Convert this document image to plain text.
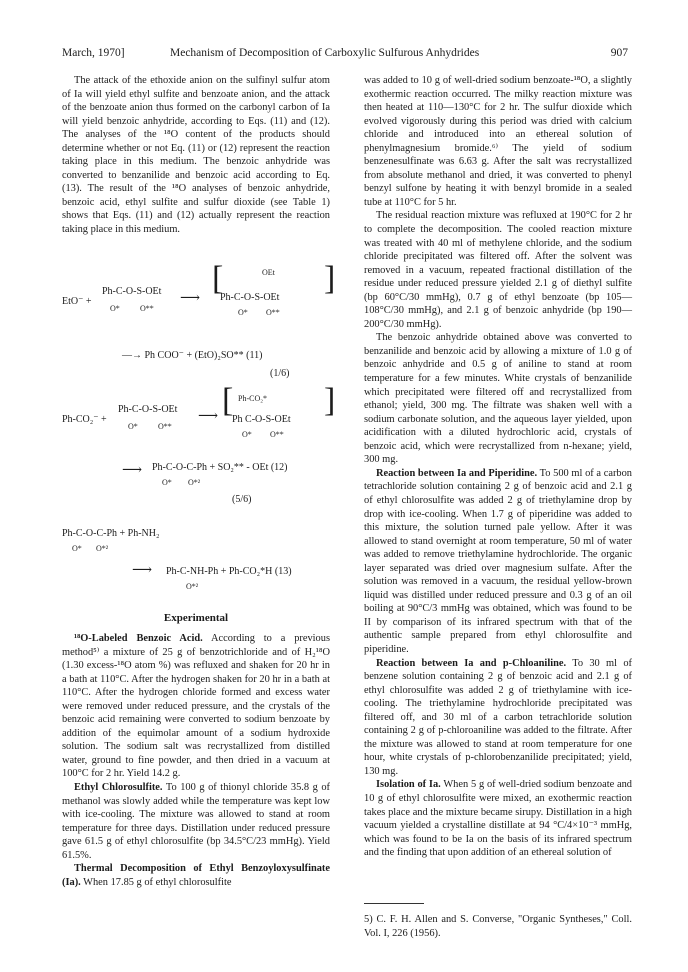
March, 1970]	Mechanism of Decomposition of Carboxylic Sulfurous Anhydrides	907

The attack of the ethoxide anion on the sulfinyl sulfur atom of Ia will yield ethyl sulfite and benzoate anion, and the attack of the benzoate anion thus formed on the carbonyl carbon of Ia will yield benzoic anhydride, according to Eqs. (11) and (12). The analyses of the ¹⁸O content of the products should determine whether or not Eq. (11) or (12) represent the reaction taking place in this medium. The benzoic anhydride was converted to benzanilide and benzoic acid according to Eq. (13). The result of the ¹⁸O analyses of benzoic anhydride, benzoic acid, ethyl sulfite and sulfur dioxide (see Table 1) shows that Eqs. (11) and (12) actually represent the reaction taking place in this medium.

EtO⁻ +
Ph-C-O-S-OEt
O*	O**
⟶
[	OEt
Ph-C-O-S-OEt
O* O**
]
—→ Ph COO⁻ + (EtO)₂SO** (11)
(1/6)
Ph-CO₂⁻ +
Ph-C-O-S-OEt
O*	O**
⟶ [ Ph-CO₂*
Ph C-O-S-OEt
O* O**
]
⟶ Ph-C-O-C-Ph + SO₂** - OEt (12)
O* O*²
(5/6)
Ph-C-O-C-Ph + Ph-NH₂
O* O*²
⟶ Ph-C-NH-Ph + Ph-CO₂*H (13)
O*²
Experimental

¹⁸O-Labeled Benzoic Acid. According to a previous method⁵⁾ a mixture of 25 g of benzotrichloride and of H₂¹⁸O (1.30 excess-¹⁸O atom %) was refluxed and shaken for 20 hr in a bath at 110°C. After the hydrogen shaken for 20 hr in a bath at 110°C. After the hydrogen chloride formed and excess water were removed under reduced pressure, and the crystals of the benzoic acid remaining were converted to sodium benzoate by addition of the equimolar amount of a sodium hydroxide solution. The sodium salt was recrystallized from distilled water, ground to fine powder, and then dried in a vacuum at 100°C for 2 hr. Yield 14.2 g.

Ethyl Chlorosulfite. To 100 g of thionyl chloride 35.8 g of methanol was slowly added while the temperature was kept low with ice-cooling. The mixture was allowed to stand at room temperature for three days. Distillation under reduced pressure gave 61.5 g of ethyl chlorosulfite (bp 34.5°C/23 mmHg). Yield 61.5%.

Thermal Decomposition of Ethyl Benzoyloxysulfinate (Ia). When 17.85 g of ethyl chlorosulfite

was added to 10 g of well-dried sodium benzoate-¹⁸O, a slightly exothermic reaction occurred. The milky reaction mixture was then heated at 110—130°C for 2 hr. The sulfur dioxide which evolved vigorously during this period was dried with calcium chloride and introduced into an ethereal solution of phenylmagnesium bromide.⁶⁾ The yield of sodium benzenesulfinate was 6.63 g. After the salt was recrystallized from absolute methanol and dried, it was converted to phenyl benzyl sulfone by heating it with benzyl bromide in a sealed tube at 110°C for 5 hr.

The residual reaction mixture was refluxed at 190°C for 2 hr to complete the decomposition. The cooled reaction mixture was treated with 40 ml of methylene chloride, and the sodium chloride precipitated was filtered off. After the solvent was removed in a vacuum, repeated fractional distillation of the residue under reduced pressure yielded 2.1 g of diethyl sulfite (bp 60°C/30 mmHg), 0.7 g of ethyl benzoate (bp 105—108°C/30 mmHg), and 2.1 g of benzoic anhydride (bp 190—200°C/30 mmHg).

The benzoic anhydride obtained above was converted to benzanilide and benzoic acid by allowing a mixture of 1.0 g of benzoic anhydride and 0.5 g of aniline to stand at room temperature for a few minutes. White crystals of benzanilide which precipitated were filtered off and recrystallized from ethanol; yield, 300 mg. The filtrate was shaken well with a sodium carbonate solution, and the aqueous layer yielded, upon acidification with a diluted hydrochloric acid, crystals of benzoic acid, which were recrystallized from n-hexane; yield, 300 mg.

Reaction between Ia and Piperidine. To 500 ml of a carbon tetrachloride solution containing 2 g of benzoic acid and 2.1 g of ethyl chlorosulfite was added 2 g of triethylamine drop by drop with ice-cooling. When 1.7 g of piperidine was added to this mixture, the solution turned pale yellow. After it was allowed to stand overnight at room temperature, 50 ml of water was added to remove triethylamine hydrochloride. The organic layer separated was dried over magnesium sulfate. After the solution was removed in a vacuum, the residual yellow-brown liquid was distilled under reduced pressure and 0.3 g of an oil boiling at 90°C/3 mmHg was obtained, which was found to be II by comparison of its infrared spectrum with that of the authentic sample prepared from ethyl chlorosulfite and piperidine.

Reaction between Ia and p-Chloaniline. To 30 ml of benzene solution containing 2 g of benzoic acid and 2.1 g of ethyl chlorosulfite was added 2 g of triethylamine with ice-cooling. The triethylamine hydrochloride precipitated was filtered off, and 30 ml of a carbon tetrachloride solution containing 2 g of p-chloroaniline was added to the filtrate. After the mixture was allowed to stand at room temperature for one hour, white crystals of p-chlorobenzanilide precipitated; yield, 130 mg.

Isolation of Ia. When 5 g of well-dried sodium benzoate and 10 g of ethyl chlorosulfite were mixed, an exothermic reaction takes place and the mixture became sirupy. Distillation in a high vacuum yielded a crystalline distillate at 94 °C/4×10⁻³ mmHg, which was found to be Ia on the basis of its infrared spectrum and the finding that upon addition of an ethereal solution of

5) C. F. H. Allen and S. Converse, "Organic Syntheses," Coll. Vol. I, 226 (1956).
